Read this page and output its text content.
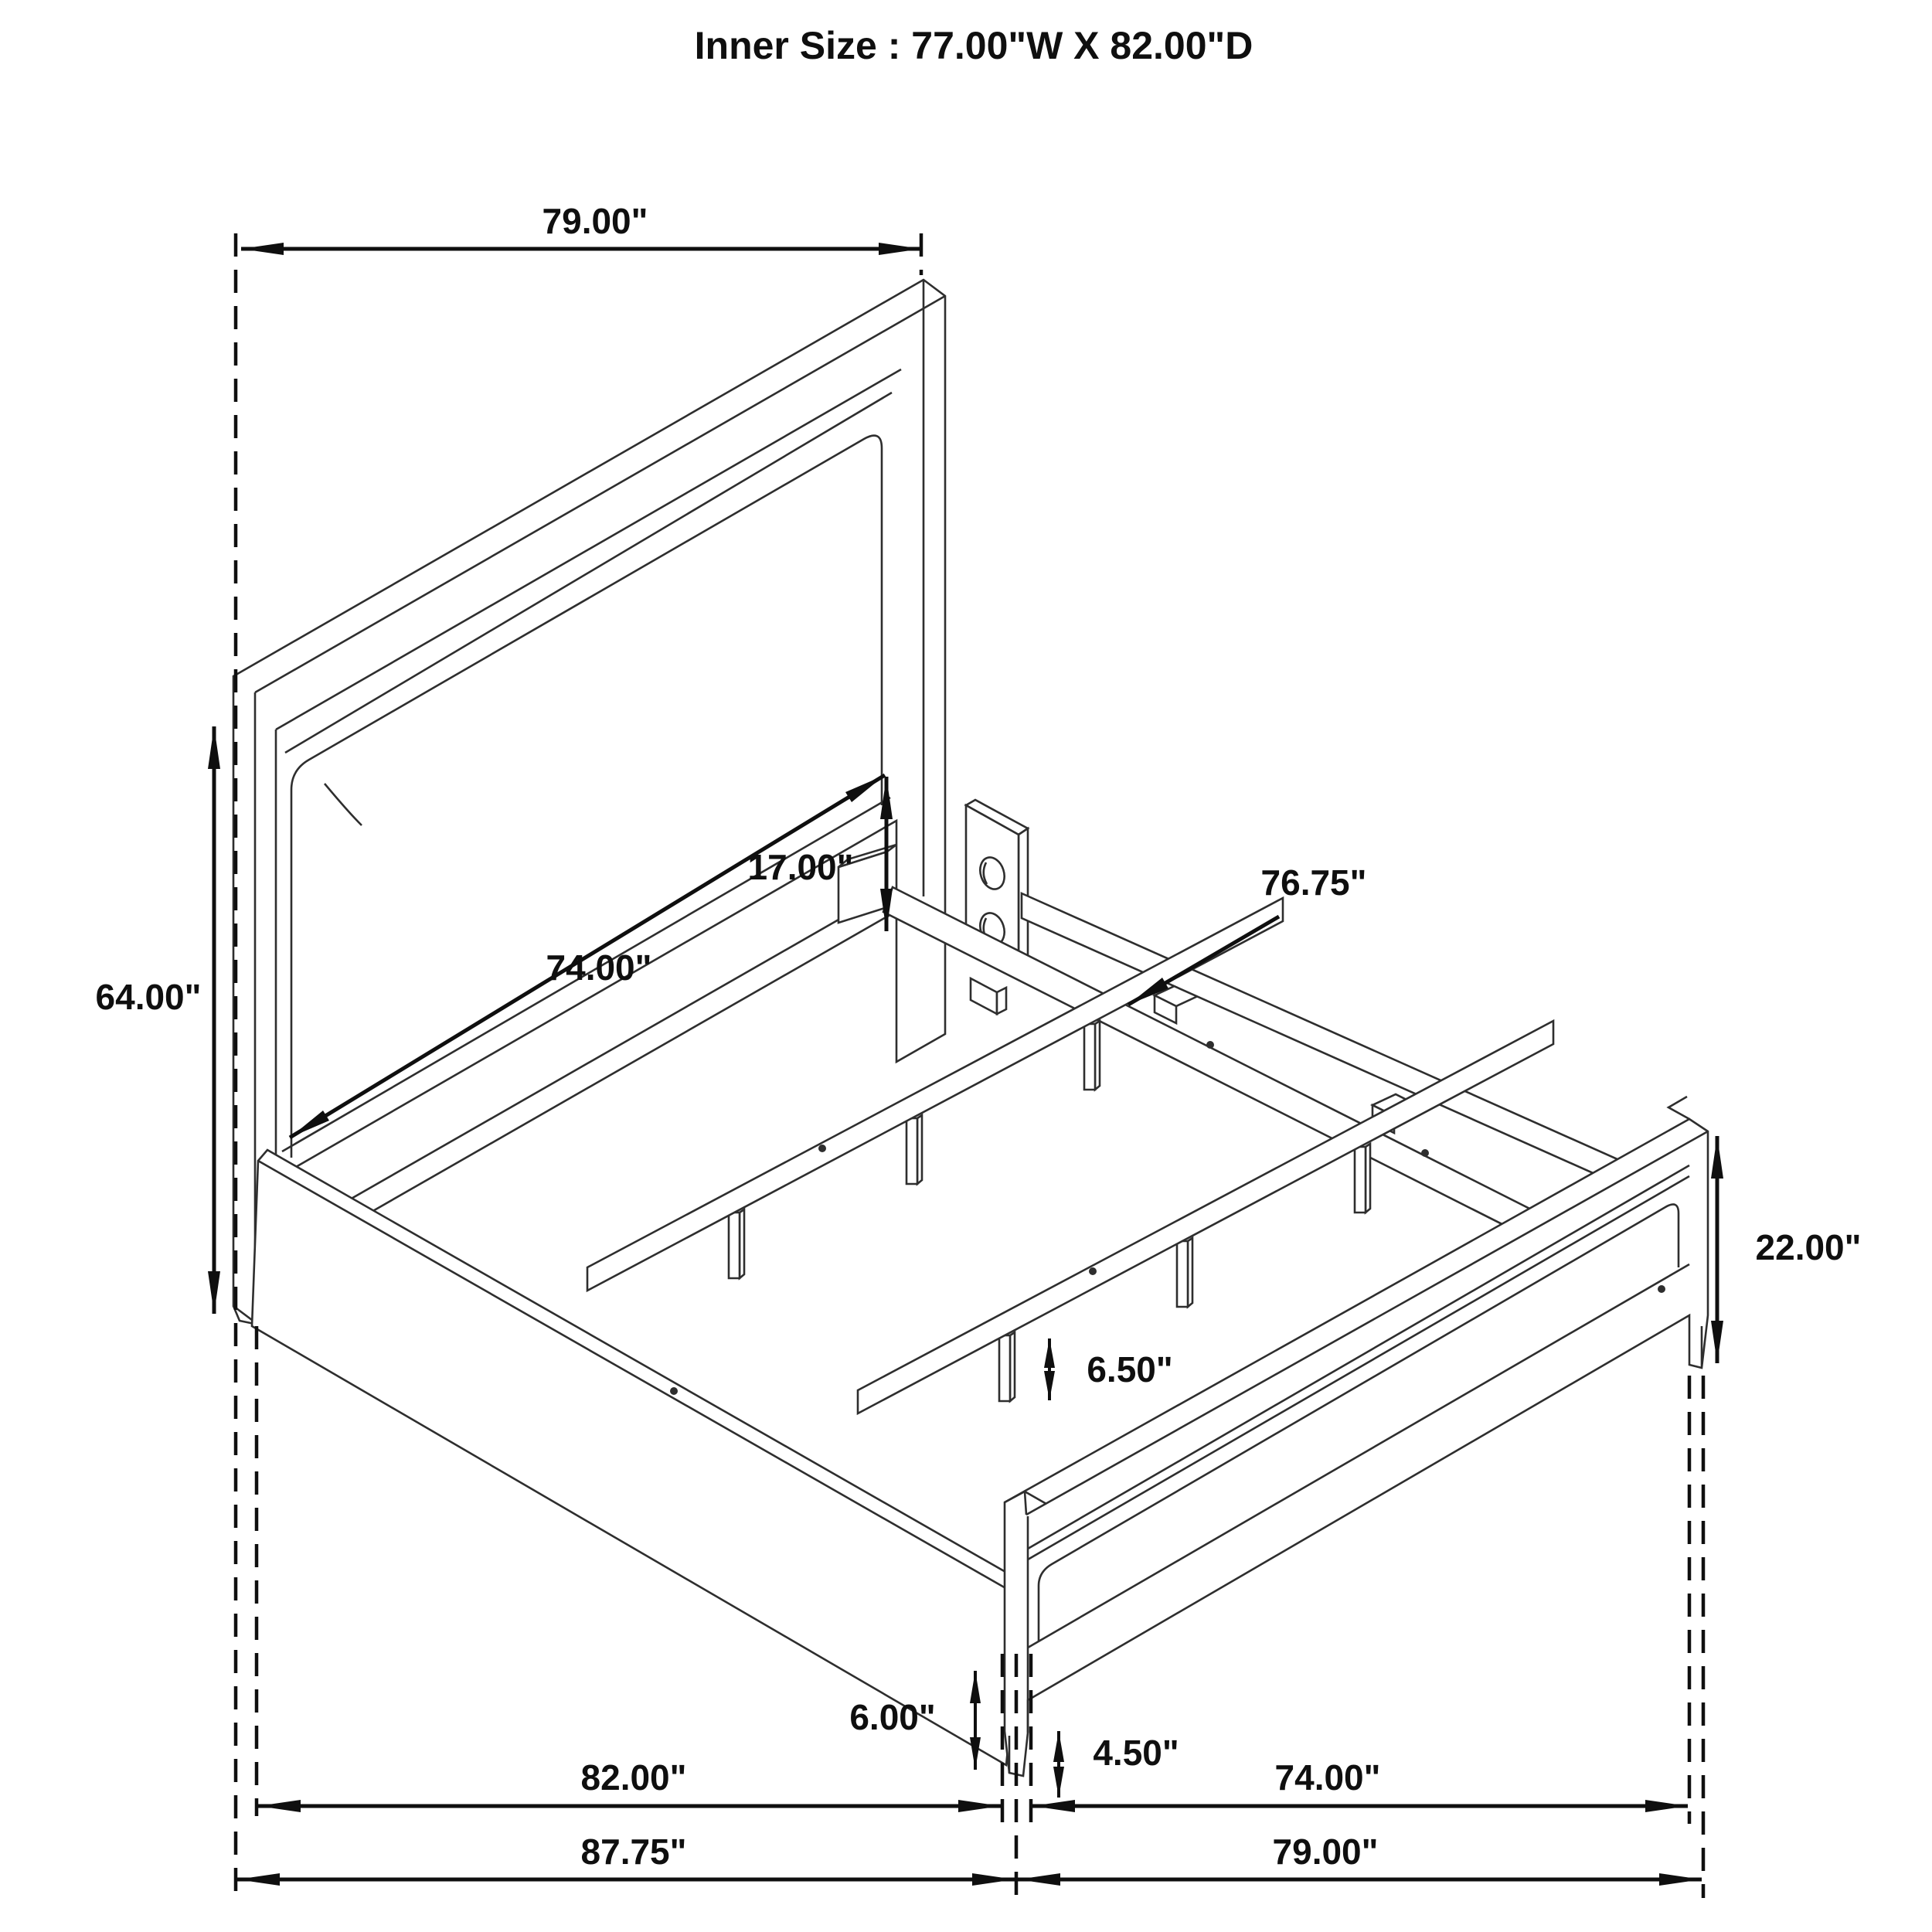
79.00"
64.00"
17.00"
74.00"
76.75"
22.00"
6.50"
6.00"
4.50"
82.00"	74.00"
87.75"	79.00"
Inner Size : 77.00"W X 82.00"D
